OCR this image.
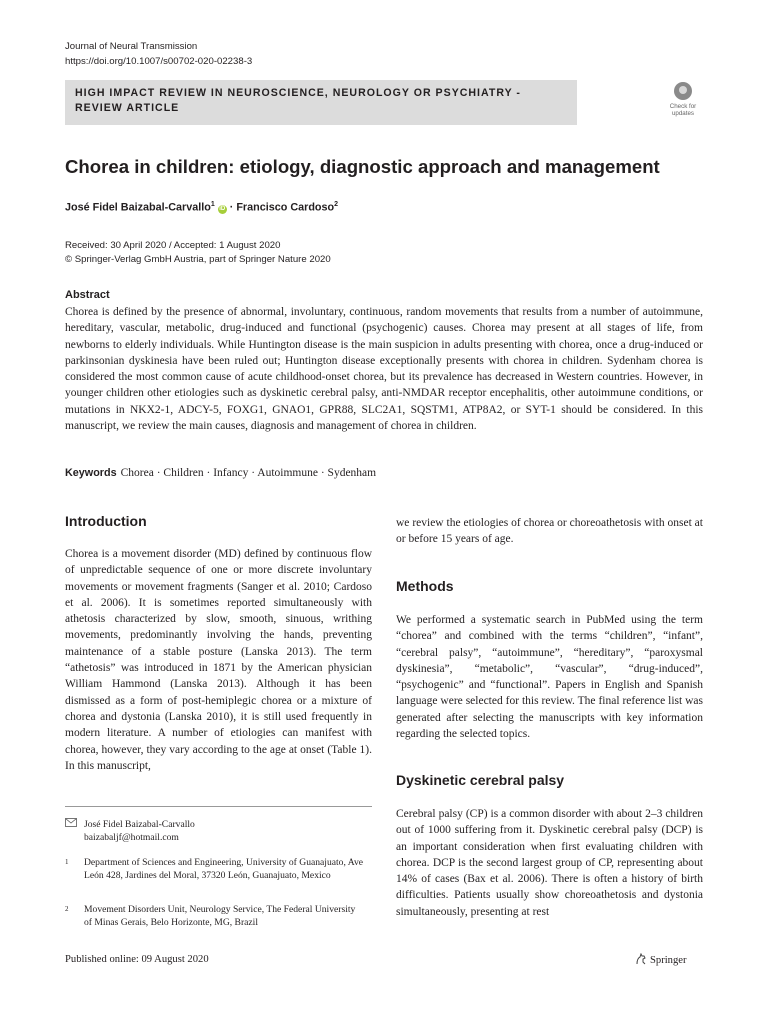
Journal of Neural Transmission
https://doi.org/10.1007/s00702-020-02238-3
HIGH IMPACT REVIEW IN NEUROSCIENCE, NEUROLOGY OR PSYCHIATRY - REVIEW ARTICLE	Check for
updates
Chorea in children: etiology, diagnostic approach and management
José Fidel Baizabal-Carvallo$^1$ iD · Francisco Cardoso$^2$
Received: 30 April 2020 / Accepted: 1 August 2020
© Springer-Verlag GmbH Austria, part of Springer Nature 2020
Abstract
Chorea is defined by the presence of abnormal, involuntary, continuous, random movements that results from a number of autoimmune, hereditary, vascular, metabolic, drug-induced and functional (psychogenic) causes. Chorea may present at all stages of life, from newborns to elderly individuals. While Huntington disease is the main suspicion in adults presenting with chorea, once a drug-induced or parkinsonian dyskinesia have been ruled out; Huntington disease exceptionally presents with chorea in children. Sydenham chorea is considered the most common cause of acute childhood-onset chorea, but its prevalence has decreased in Western countries. However, in younger children other etiologies such as dyskinetic cerebral palsy, anti-NMDAR receptor encephalitis, other autoimmune conditions, or mutations in NKX2-1, ADCY-5, FOXG1, GNAO1, GPR88, SLC2A1, SQSTM1, ATP8A2, or SYT-1 should be considered. In this manuscript, we review the main causes, diagnosis and management of chorea in children.
Keywords Chorea · Children · Infancy · Autoimmune · Sydenham
Introduction
Chorea is a movement disorder (MD) defined by continuous flow of unpredictable sequence of one or more discrete involuntary movements or movement fragments (Sanger et al. 2010; Cardoso et al. 2006). It is sometimes reported simultaneously with athetosis characterized by slow, smooth, sinuous, writhing movements, predominantly involving the hands, preventing maintenance of a stable posture (Lanska 2013). The term “athetosis” was introduced in 1871 by the American physician William Hammond (Lanska 2013). Although it has been dismissed as a form of post-hemiplegic chorea or a mixture of chorea and dystonia (Lanska 2010), it is still used frequently in modern literature. A number of etiologies can manifest with chorea, however, they vary according to the age at onset (Table 1). In this manuscript,
we review the etiologies of chorea or choreoathetosis with onset at or before 15 years of age.
Methods
We performed a systematic search in PubMed using the term “chorea” and combined with the terms “children”, “infant”, “cerebral palsy”, “autoimmune”, “hereditary”, “paroxysmal dyskinesia”, “metabolic”, “vascular”, “drug-induced”, “psychogenic” and “functional”. Papers in English and Spanish language were selected for this review. The final reference list was generated after selecting the manuscripts with key information regarding the selected topics.
Dyskinetic cerebral palsy
Cerebral palsy (CP) is a common disorder with about 2–3 children out of 1000 suffering from it. Dyskinetic cerebral palsy (DCP) is an important consideration when first evaluating children with chorea. DCP is the second largest group of CP, representing about 14% of cases (Bax et al. 2006). There is often a history of birth difficulties. Patients usually show choreoathetosis and dystonia simultaneously, presenting at rest
José Fidel Baizabal-Carvallo
baizabaljf@hotmail.com
1 Department of Sciences and Engineering, University of Guanajuato, Ave León 428, Jardines del Moral, 37320 León, Guanajuato, Mexico
2 Movement Disorders Unit, Neurology Service, The Federal University of Minas Gerais, Belo Horizonte, MG, Brazil
Published online: 09 August 2020	Springer
